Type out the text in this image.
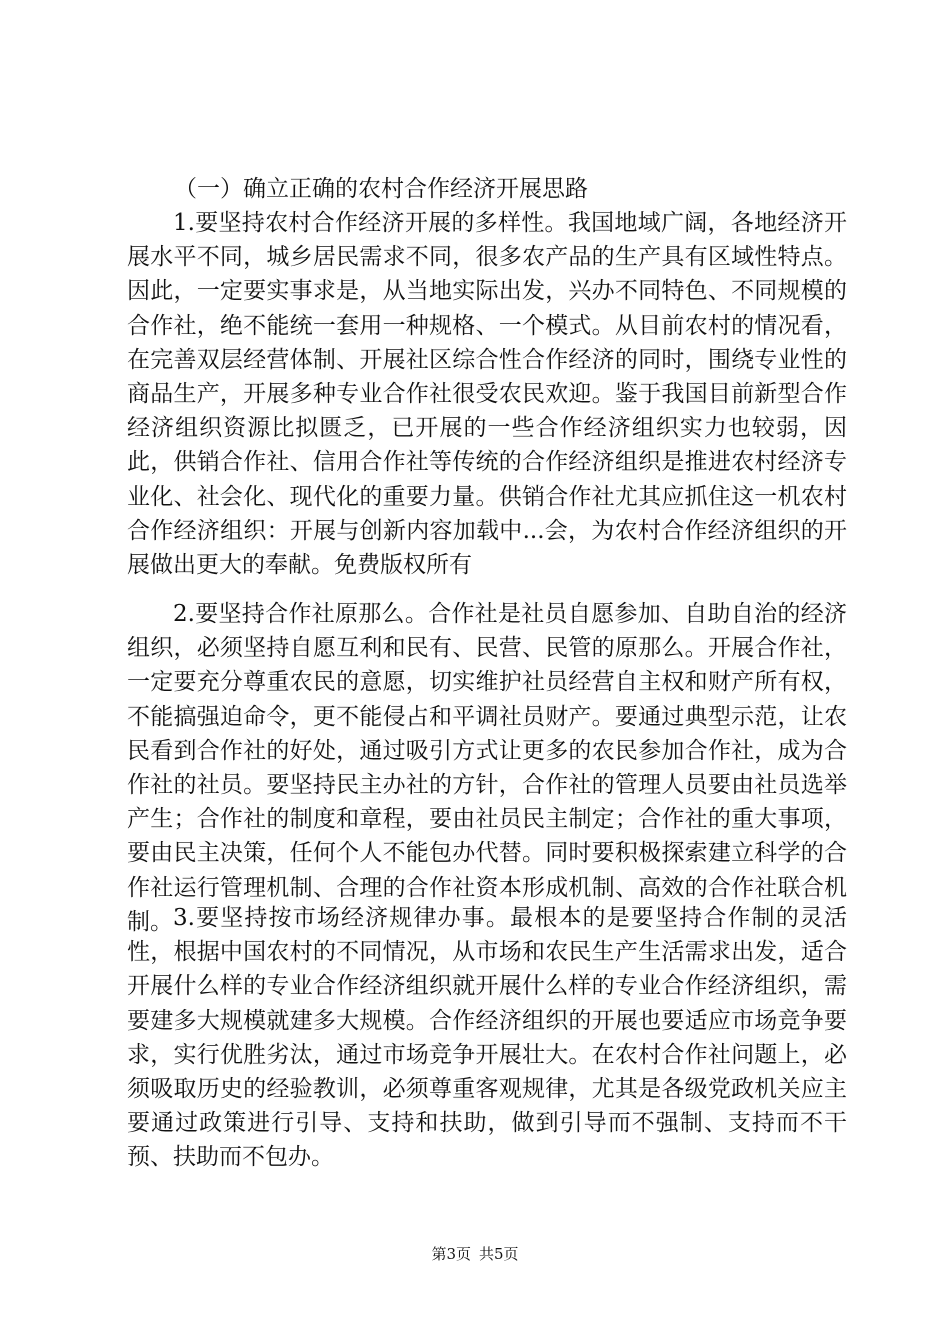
（一）确立正确的农村合作经济开展思路

1.要坚持农村合作经济开展的多样性。我国地域广阔，各地经济开展水平不同，城乡居民需求不同，很多农产品的生产具有区域性特点。因此，一定要实事求是，从当地实际出发，兴办不同特色、不同规模的合作社，绝不能统一套用一种规格、一个模式。从目前农村的情况看，在完善双层经营体制、开展社区综合性合作经济的同时，围绕专业性的商品生产，开展多种专业合作社很受农民欢迎。鉴于我国目前新型合作经济组织资源比拟匮乏，已开展的一些合作经济组织实力也较弱，因此，供销合作社、信用合作社等传统的合作经济组织是推进农村经济专业化、社会化、现代化的重要力量。供销合作社尤其应抓住这一机农村合作经济组织：开展与创新内容加载中...会，为农村合作经济组织的开展做出更大的奉献。免费版权所有

2.要坚持合作社原那么。合作社是社员自愿参加、自助自治的经济组织，必须坚持自愿互利和民有、民营、民管的原那么。开展合作社，一定要充分尊重农民的意愿，切实维护社员经营自主权和财产所有权，不能搞强迫命令，更不能侵占和平调社员财产。要通过典型示范，让农民看到合作社的好处，通过吸引方式让更多的农民参加合作社，成为合作社的社员。要坚持民主办社的方针，合作社的管理人员要由社员选举产生；合作社的制度和章程，要由社员民主制定；合作社的重大事项，要由民主决策，任何个人不能包办代替。同时要积极探索建立科学的合作社运行管理机制、合理的合作社资本形成机制、高效的合作社联合机制。 3.要坚持按市场经济规律办事。最根本的是要坚持合作制的灵活性，根据中国农村的不同情况，从市场和农民生产生活需求出发，适合开展什么样的专业合作经济组织就开展什么样的专业合作经济组织，需要建多大规模就建多大规模。合作经济组织的开展也要适应市场竞争要求，实行优胜劣汰，通过市场竞争开展壮大。在农村合作社问题上，必须吸取历史的经验教训，必须尊重客观规律，尤其是各级党政机关应主要通过政策进行引导、支持和扶助，做到引导而不强制、支持而不干预、扶助而不包办。

第3页 共5页
